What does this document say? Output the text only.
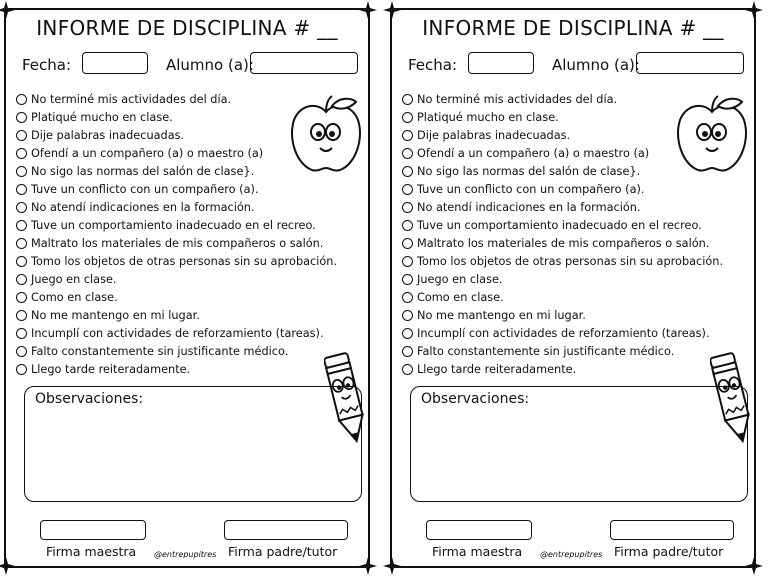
INFORME DE DISCIPLINA # __
Fecha:	Alumno (a):
No terminé mis actividades del día.
Platiqué mucho en clase.
Dije palabras inadecuadas.
Ofendí a un compañero (a) o maestro (a)
No sigo las normas del salón de clase}.
Tuve un conflicto con un compañero (a).
No atendí indicaciones en la formación.
Tuve un comportamiento inadecuado en el recreo.
Maltrato los materiales de mis compañeros o salón.
Tomo los objetos de otras personas sin su aprobación.
Juego en clase.
Como en clase.
No me mantengo en mi lugar.
Incumplí con actividades de reforzamiento (tareas).
Falto constantemente sin justificante médico.
Llego tarde reiteradamente.
Observaciones:
Firma maestra @entrepupitres Firma padre/tutor
INFORME DE DISCIPLINA # __
Fecha:	Alumno (a):
No terminé mis actividades del día.
Platiqué mucho en clase.
Dije palabras inadecuadas.
Ofendí a un compañero (a) o maestro (a)
No sigo las normas del salón de clase}.
Tuve un conflicto con un compañero (a).
No atendí indicaciones en la formación.
Tuve un comportamiento inadecuado en el recreo.
Maltrato los materiales de mis compañeros o salón.
Tomo los objetos de otras personas sin su aprobación.
Juego en clase.
Como en clase.
No me mantengo en mi lugar.
Incumplí con actividades de reforzamiento (tareas).
Falto constantemente sin justificante médico.
Llego tarde reiteradamente.
Observaciones:
Firma maestra @entrepupitres Firma padre/tutor
